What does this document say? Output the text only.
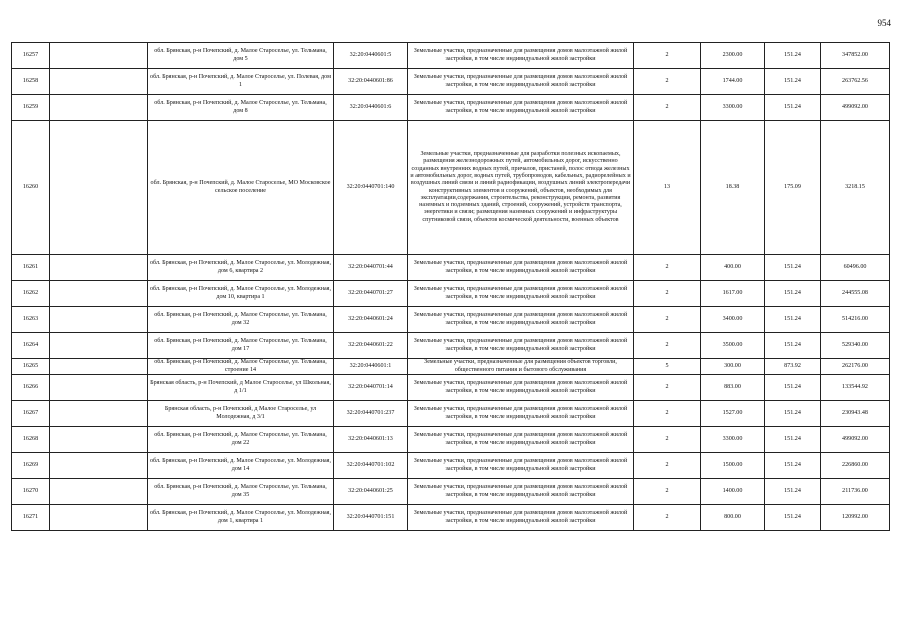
954
16257		обл. Брянская, р-н Почепский, д. Малое Староселье, ул. Тельмана, дом 5	32:20:0440601:5	Земельные участки, предназначенные для размещения домов малоэтажной жилой застройки, в том числе индивидуальной жилой застройки	2	2300.00	151.24	347852.00
16258		обл. Брянская, р-н Почепский, д. Малое Староселье, ул. Полевая, дом 1	32:20:0440601:86	Земельные участки, предназначенные для размещения домов малоэтажной жилой застройки, в том числе индивидуальной жилой застройки	2	1744.00	151.24	263762.56
16259		обл. Брянская, р-н Почепский, д. Малое Староселье, ул. Тельмана, дом 8	32:20:0440601:6	Земельные участки, предназначенные для размещения домов малоэтажной жилой застройки, в том числе индивидуальной жилой застройки	2	3300.00	151.24	499092.00
16260		обл. Брянская, р-н Почепский, д. Малое Староселье, МО Московское сельское поселение	32:20:0440701:140	Земельные участки, предназначенные для разработки полезных ископаемых, размещения железнодорожных путей, автомобильных дорог, искусственно созданных внутренних водных путей, причалов, пристаней, полос отвода железных и автомобильных дорог, водных путей, трубопроводов, кабельных, радиорелейных и воздушных линий связи и линий радиофикации, воздушных линий электропередачи конструктивных элементов и сооружений, объектов, необходимых для эксплуатации,содержания, строительства, реконструкции, ремонта, развития наземных и подземных зданий, строений, сооружений, устройств транспорта, энергетики и связи; размещения наземных сооружений и инфраструктуры спутниковой связи, объектов космической деятельности, военных объектов	13	18.38	175.09	3218.15
16261		обл. Брянская, р-н Почепский, д. Малое Староселье, ул. Молодежная, дом 6, квартира 2	32:20:0440701:44	Земельные участки, предназначенные для размещения домов малоэтажной жилой застройки, в том числе индивидуальной жилой застройки	2	400.00	151.24	60496.00
16262		обл. Брянская, р-н Почепский, д. Малое Староселье, ул. Молодежная, дом 10, квартира 1	32:20:0440701:27	Земельные участки, предназначенные для размещения домов малоэтажной жилой застройки, в том числе индивидуальной жилой застройки	2	1617.00	151.24	244555.08
16263		обл. Брянская, р-н Почепский, д. Малое Староселье, ул. Тельмана, дом 32	32:20:0440601:24	Земельные участки, предназначенные для размещения домов малоэтажной жилой застройки, в том числе индивидуальной жилой застройки	2	3400.00	151.24	514216.00
16264		обл. Брянская, р-н Почепский, д. Малое Староселье, ул. Тельмана, дом 17	32:20:0440601:22	Земельные участки, предназначенные для размещения домов малоэтажной жилой застройки, в том числе индивидуальной жилой застройки	2	3500.00	151.24	529340.00
16265		обл. Брянская, р-н Почепский, д. Малое Староселье, ул. Тельмана, строение 14	32:20:0440601:1	Земельные участки, предназначенные для размещения объектов торговли, общественного питания и бытового обслуживания	5	300.00	873.92	262176.00
16266		Брянская область, р-н Почепский, д Малое Староселье, ул Школьная, д 1/1	32:20:0440701:14	Земельные участки, предназначенные для размещения домов малоэтажной жилой застройки, в том числе индивидуальной жилой застройки	2	883.00	151.24	133544.92
16267		Брянская область, р-н Почепский, д Малое Староселье, ул Молодежная, д 3/1	32:20:0440701:237	Земельные участки, предназначенные для размещения домов малоэтажной жилой застройки, в том числе индивидуальной жилой застройки	2	1527.00	151.24	230943.48
16268		обл. Брянская, р-н Почепский, д. Малое Староселье, ул. Тельмана, дом 22	32:20:0440601:13	Земельные участки, предназначенные для размещения домов малоэтажной жилой застройки, в том числе индивидуальной жилой застройки	2	3300.00	151.24	499092.00
16269		обл. Брянская, р-н Почепский, д. Малое Староселье, ул. Молодежная, дом 14	32:20:0440701:102	Земельные участки, предназначенные для размещения домов малоэтажной жилой застройки, в том числе индивидуальной жилой застройки	2	1500.00	151.24	226860.00
16270		обл. Брянская, р-н Почепский, д. Малое Староселье, ул. Тельмана, дом 35	32:20:0440601:25	Земельные участки, предназначенные для размещения домов малоэтажной жилой застройки, в том числе индивидуальной жилой застройки	2	1400.00	151.24	211736.00
16271		обл. Брянская, р-н Почепский, д. Малое Староселье, ул. Молодежная, дом 1, квартира 1	32:20:0440701:151	Земельные участки, предназначенные для размещения домов малоэтажной жилой застройки, в том числе индивидуальной жилой застройки	2	800.00	151.24	120992.00
